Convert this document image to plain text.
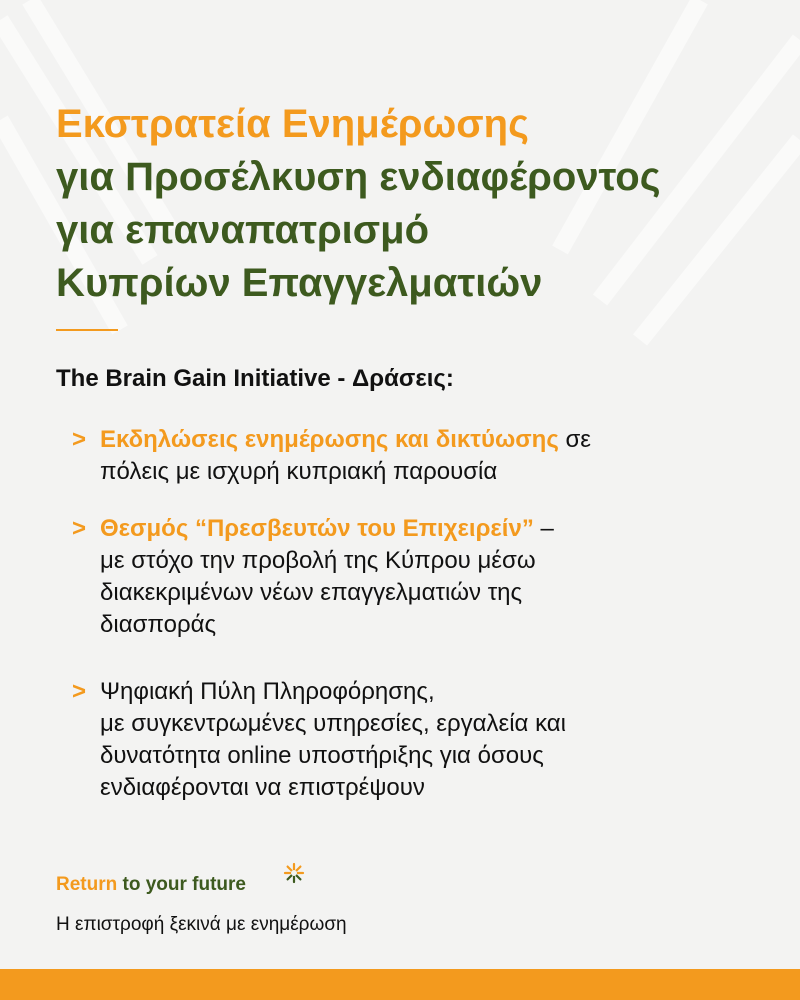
Εκστρατεία Ενημέρωσης
για Προσέλκυση ενδιαφέροντος
για επαναπατρισμό
Κυπρίων Επαγγελματιών
The Brain Gain Initiative - Δράσεις:
> Εκδηλώσεις ενημέρωσης και δικτύωσης σε
πόλεις με ισχυρή κυπριακή παρουσία
> Θεσμός “Πρεσβευτών του Επιχειρείν” –
με στόχο την προβολή της Κύπρου μέσω
διακεκριμένων νέων επαγγελματιών της
διασποράς
> Ψηφιακή Πύλη Πληροφόρησης,
με συγκεντρωμένες υπηρεσίες, εργαλεία και
δυνατότητα online υποστήριξης για όσους
ενδιαφέρονται να επιστρέψουν
Return to your future
Η επιστροφή ξεκινά με ενημέρωση
